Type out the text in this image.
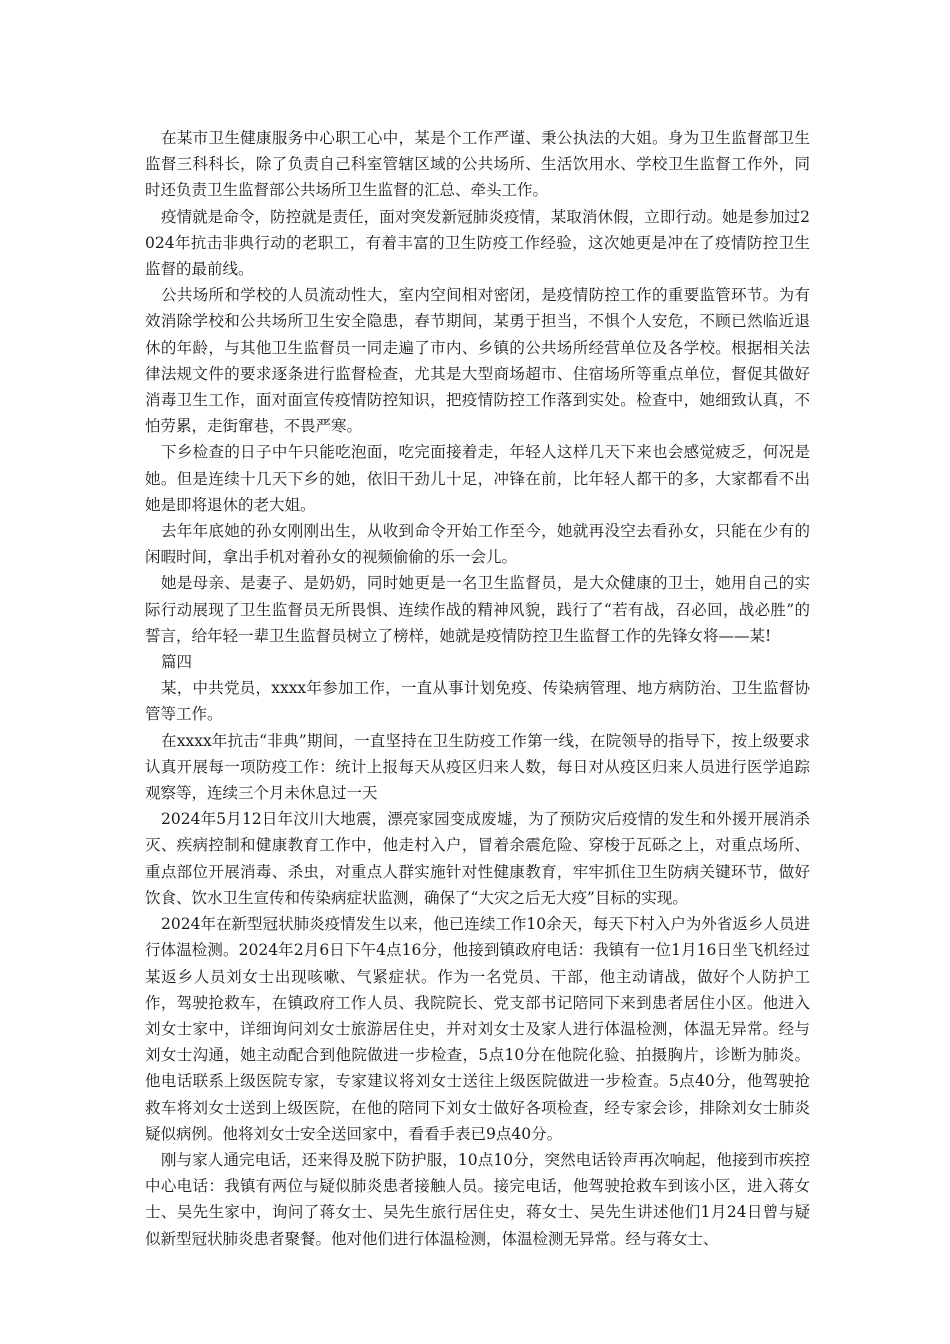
在某市卫生健康服务中心职工心中，某是个工作严谨、秉公执法的大姐。身为卫生监督部卫生监督三科科长，除了负责自己科室管辖区域的公共场所、生活饮用水、学校卫生监督工作外，同时还负责卫生监督部公共场所卫生监督的汇总、牵头工作。

疫情就是命令，防控就是责任，面对突发新冠肺炎疫情，某取消休假，立即行动。她是参加过2024年抗击非典行动的老职工，有着丰富的卫生防疫工作经验，这次她更是冲在了疫情防控卫生监督的最前线。

公共场所和学校的人员流动性大，室内空间相对密闭，是疫情防控工作的重要监管环节。为有效消除学校和公共场所卫生安全隐患，春节期间，某勇于担当，不惧个人安危，不顾已然临近退休的年龄，与其他卫生监督员一同走遍了市内、乡镇的公共场所经营单位及各学校。根据相关法律法规文件的要求逐条进行监督检查，尤其是大型商场超市、住宿场所等重点单位，督促其做好消毒卫生工作，面对面宣传疫情防控知识，把疫情防控工作落到实处。检查中，她细致认真，不怕劳累，走街窜巷，不畏严寒。

下乡检查的日子中午只能吃泡面，吃完面接着走，年轻人这样几天下来也会感觉疲乏，何况是她。但是连续十几天下乡的她，依旧干劲儿十足，冲锋在前，比年轻人都干的多，大家都看不出她是即将退休的老大姐。

去年年底她的孙女刚刚出生，从收到命令开始工作至今，她就再没空去看孙女，只能在少有的闲暇时间，拿出手机对着孙女的视频偷偷的乐一会儿。

她是母亲、是妻子、是奶奶，同时她更是一名卫生监督员，是大众健康的卫士，她用自己的实际行动展现了卫生监督员无所畏惧、连续作战的精神风貌，践行了“若有战，召必回，战必胜”的誓言，给年轻一辈卫生监督员树立了榜样，她就是疫情防控卫生监督工作的先锋女将——某!

篇四

某，中共党员，xxxx年参加工作，一直从事计划免疫、传染病管理、地方病防治、卫生监督协管等工作。

在xxxx年抗击“非典”期间，一直坚持在卫生防疫工作第一线，在院领导的指导下，按上级要求认真开展每一项防疫工作：统计上报每天从疫区归来人数，每日对从疫区归来人员进行医学追踪观察等，连续三个月未休息过一天

2024年5月12日年汶川大地震，漂亮家园变成废墟，为了预防灾后疫情的发生和外援开展消杀灭、疾病控制和健康教育工作中，他走村入户，冒着余震危险、穿梭于瓦砾之上，对重点场所、重点部位开展消毒、杀虫，对重点人群实施针对性健康教育，牢牢抓住卫生防病关键环节，做好饮食、饮水卫生宣传和传染病症状监测，确保了“大灾之后无大疫”目标的实现。

2024年在新型冠状肺炎疫情发生以来，他已连续工作10余天，每天下村入户为外省返乡人员进行体温检测。2024年2月6日下午4点16分，他接到镇政府电话：我镇有一位1月16日坐飞机经过某返乡人员刘女士出现咳嗽、气紧症状。作为一名党员、干部，他主动请战，做好个人防护工作，驾驶抢救车，在镇政府工作人员、我院院长、党支部书记陪同下来到患者居住小区。他进入刘女士家中，详细询问刘女士旅游居住史，并对刘女士及家人进行体温检测，体温无异常。经与刘女士沟通，她主动配合到他院做进一步检查，5点10分在他院化验、拍摄胸片，诊断为肺炎。他电话联系上级医院专家，专家建议将刘女士送往上级医院做进一步检查。5点40分，他驾驶抢救车将刘女士送到上级医院，在他的陪同下刘女士做好各项检查，经专家会诊，排除刘女士肺炎疑似病例。他将刘女士安全送回家中，看看手表已9点40分。

刚与家人通完电话，还来得及脱下防护服，10点10分，突然电话铃声再次响起，他接到市疾控中心电话：我镇有两位与疑似肺炎患者接触人员。接完电话，他驾驶抢救车到该小区，进入蒋女士、吴先生家中，询问了蒋女士、吴先生旅行居住史，蒋女士、吴先生讲述他们1月24日曾与疑似新型冠状肺炎患者聚餐。他对他们进行体温检测，体温检测无异常。经与蒋女士、
